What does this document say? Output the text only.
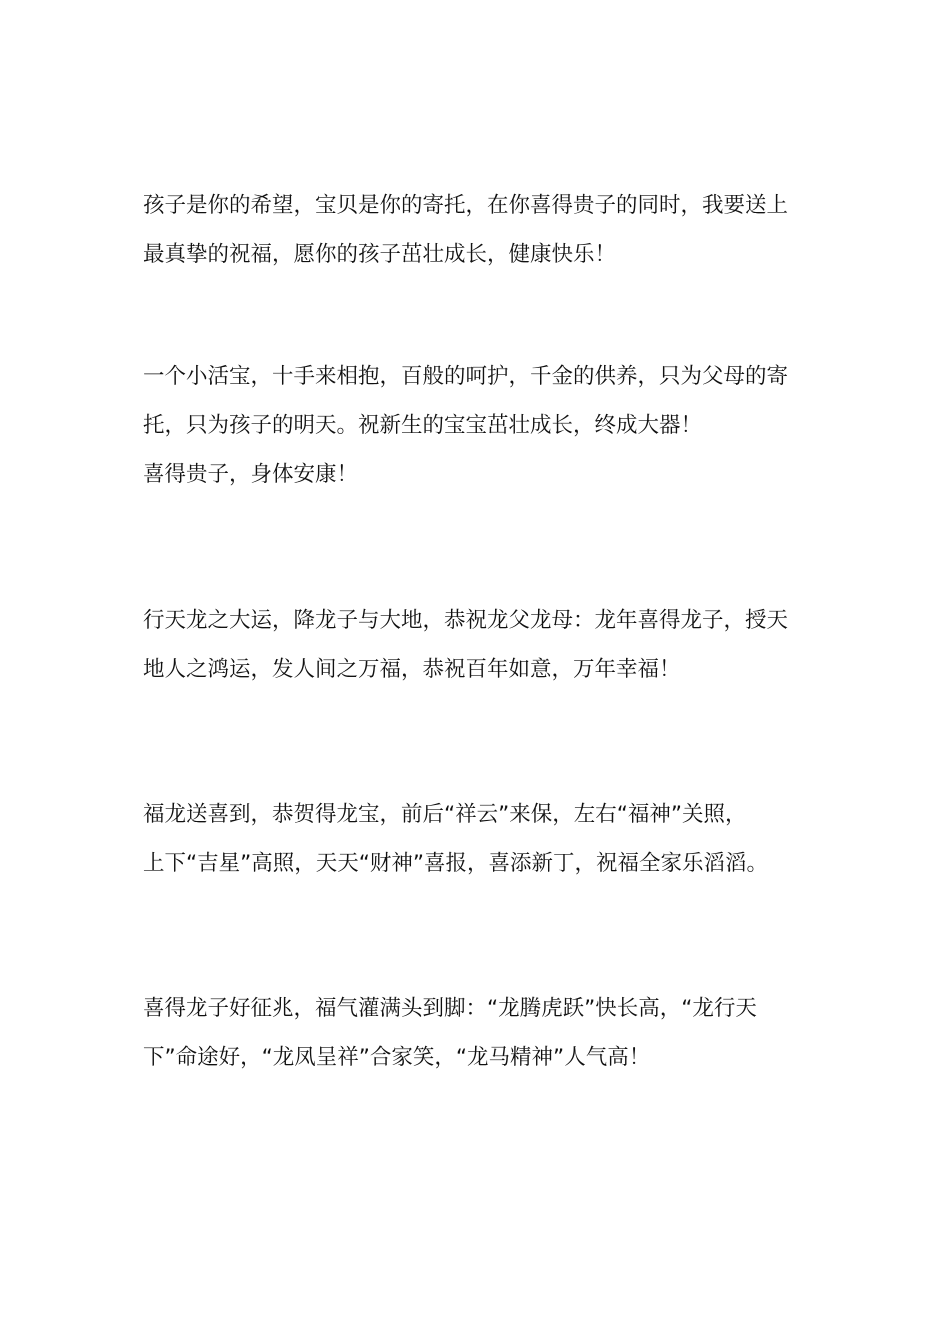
孩子是你的希望，宝贝是你的寄托，在你喜得贵子的同时，我要送上
最真挚的祝福，愿你的孩子茁壮成长，健康快乐！
一个小活宝，十手来相抱，百般的呵护，千金的供养，只为父母的寄
托，只为孩子的明天。祝新生的宝宝茁壮成长，终成大器！
喜得贵子，身体安康！
行天龙之大运，降龙子与大地，恭祝龙父龙母：龙年喜得龙子，授天
地人之鸿运，发人间之万福，恭祝百年如意，万年幸福！
福龙送喜到，恭贺得龙宝，前后“祥云”来保，左右“福神”关照，
上下“吉星”高照，天天“财神”喜报，喜添新丁，祝福全家乐滔滔。
喜得龙子好征兆，福气灌满头到脚：“龙腾虎跃”快长高，“龙行天
下”命途好，“龙凤呈祥”合家笑，“龙马精神”人气高！
